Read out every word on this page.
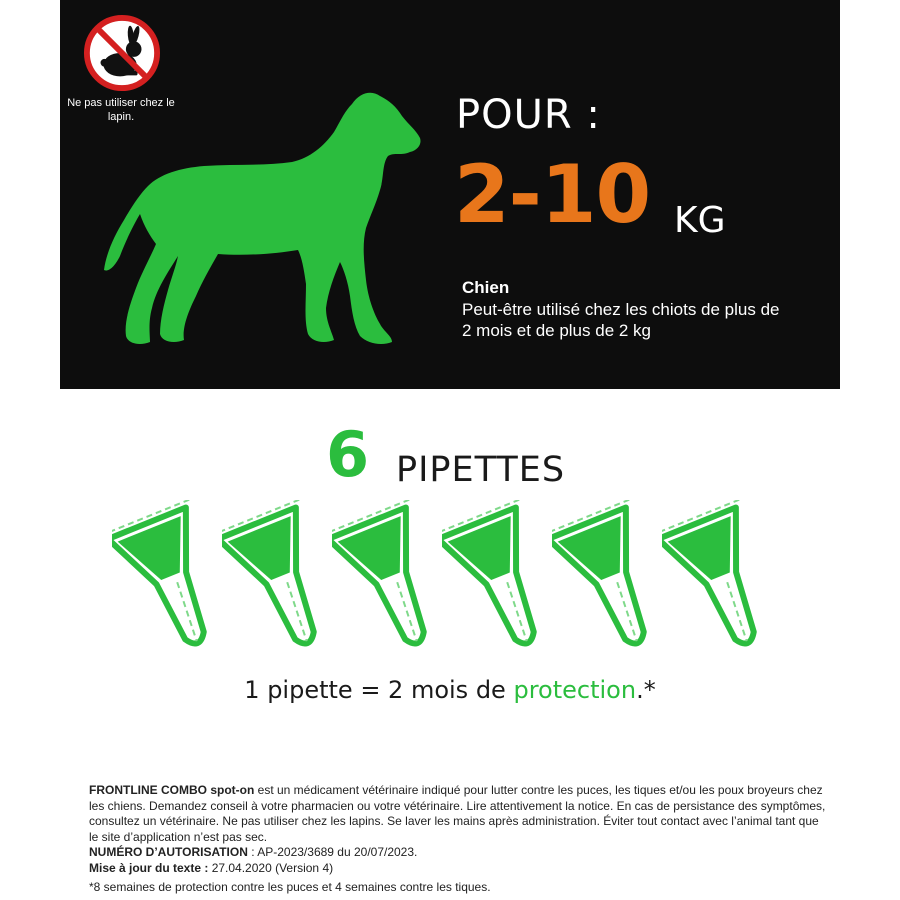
Ne pas utiliser chez le lapin.	POUR :
2-10 KG
Chien
Peut-être utilisé chez les chiots de plus de 2 mois et de plus de 2 kg
6 PIPETTES
1 pipette = 2 mois de protection.*

FRONTLINE COMBO spot-on est un médicament vétérinaire indiqué pour lutter contre les puces, les tiques et/ou les poux broyeurs chez les chiens. Demandez conseil à votre pharmacien ou votre vétérinaire. Lire attentivement la notice. En cas de persistance des symptômes, consultez un vétérinaire. Ne pas utiliser chez les lapins. Se laver les mains après administration. Éviter tout contact avec l’animal tant que le site d’application n’est pas sec.

NUMÉRO D’AUTORISATION : AP-2023/3689 du 20/07/2023.

Mise à jour du texte : 27.04.2020 (Version 4)

*8 semaines de protection contre les puces et 4 semaines contre les tiques.
